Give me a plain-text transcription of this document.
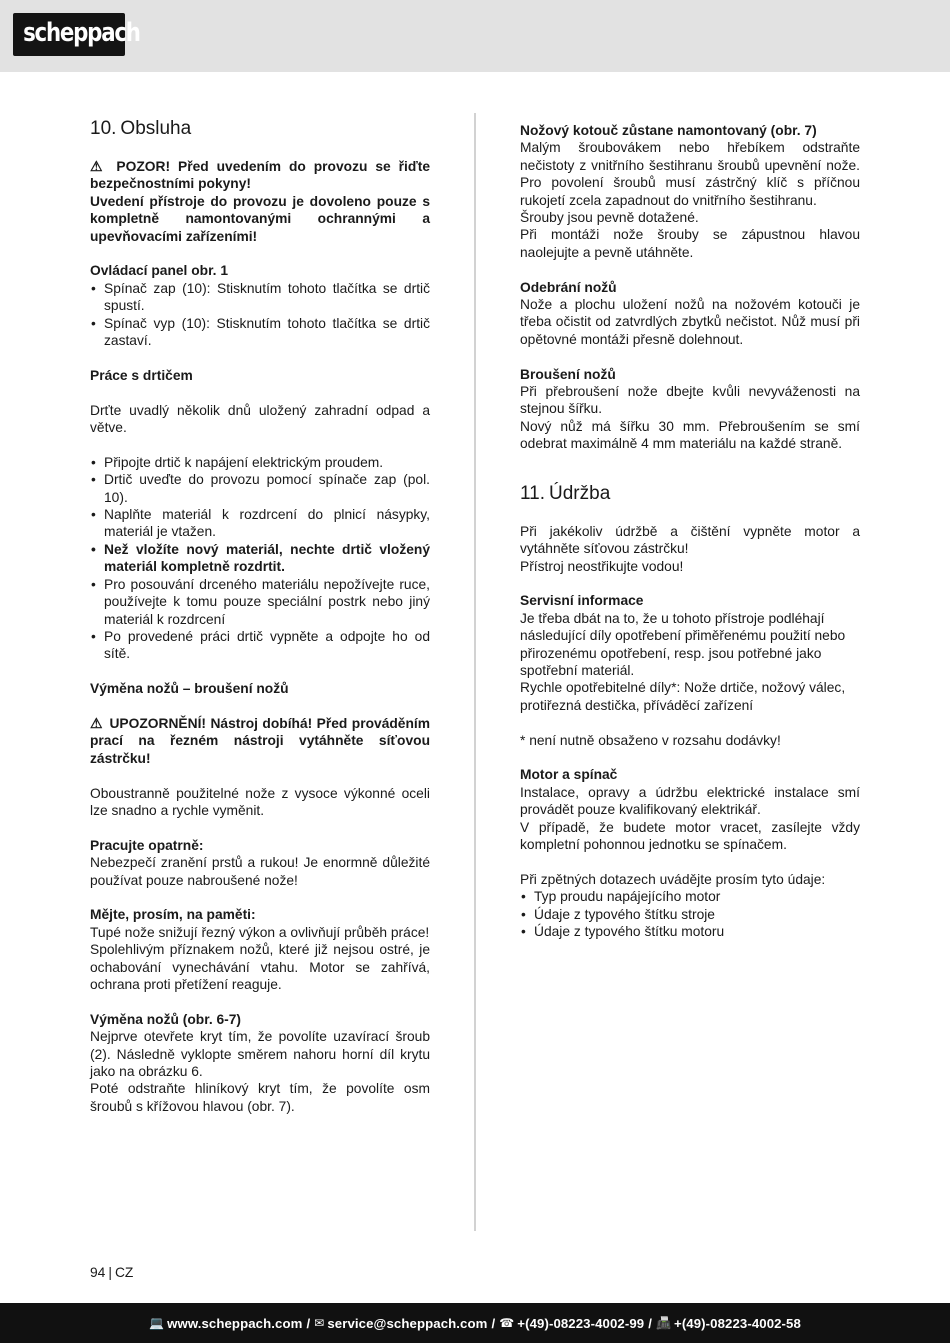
scheppach
10. Obsluha

⚠ POZOR! Před uvedením do provozu se řiďte bezpečnostními pokyny!

Uvedení přístroje do provozu je dovoleno pouze s kompletně namontovanými ochrannými a upevňovacími zařízeními!

Ovládací panel obr. 1
• Spínač zap (10): Stisknutím tohoto tlačítka se drtič spustí.
• Spínač vyp (10): Stisknutím tohoto tlačítka se drtič zastaví.
Práce s drtičem

Drťte uvadlý několik dnů uložený zahradní odpad a větve.

• Připojte drtič k napájení elektrickým proudem.
• Drtič uveďte do provozu pomocí spínače zap (pol. 10).
• Naplňte materiál k rozdrcení do plnicí násypky, materiál je vtažen.
• Než vložíte nový materiál, nechte drtič vložený materiál kompletně rozdrtit.
• Pro posouvání drceného materiálu nepožívejte ruce, používejte k tomu pouze speciální postrk nebo jiný materiál k rozdrcení
• Po provedené práci drtič vypněte a odpojte ho od sítě.
Výměna nožů – broušení nožů

⚠ UPOZORNĚNÍ! Nástroj dobíhá! Před prováděním prací na řezném nástroji vytáhněte síťovou zástrčku!

Oboustranně použitelné nože z vysoce výkonné oceli lze snadno a rychle vyměnit.

Pracujte opatrně:

Nebezpečí zranění prstů a rukou! Je enormně důležité používat pouze nabroušené nože!

Mějte, prosím, na paměti:

Tupé nože snižují řezný výkon a ovlivňují průběh práce!

Spolehlivým příznakem nožů, které již nejsou ostré, je ochabování vynechávání vtahu. Motor se zahřívá, ochrana proti přetížení reaguje.

Výměna nožů (obr. 6-7)

Nejprve otevřete kryt tím, že povolíte uzavírací šroub (2). Následně vyklopte směrem nahoru horní díl krytu jako na obrázku 6.

Poté odstraňte hliníkový kryt tím, že povolíte osm šroubů s křížovou hlavou (obr. 7).

Nožový kotouč zůstane namontovaný (obr. 7)

Malým šroubovákem nebo hřebíkem odstraňte nečistoty z vnitřního šestihranu šroubů upevnění nože. Pro povolení šroubů musí zástrčný klíč s příčnou rukojetí zcela zapadnout do vnitřního šestihranu.

Šrouby jsou pevně dotažené.

Při montáži nože šrouby se zápustnou hlavou naolejujte a pevně utáhněte.

Odebrání nožů

Nože a plochu uložení nožů na nožovém kotouči je třeba očistit od zatvrdlých zbytků nečistot. Nůž musí při opětovné montáži přesně dolehnout.

Broušení nožů

Při přebroušení nože dbejte kvůli nevyváženosti na stejnou šířku.

Nový nůž má šířku 30 mm. Přebroušením se smí odebrat maximálně 4 mm materiálu na každé straně.

11. Údržba

Při jakékoliv údržbě a čištění vypněte motor a vytáhněte síťovou zástrčku!

Přístroj neostřikujte vodou!

Servisní informace

Je třeba dbát na to, že u tohoto přístroje podléhají následující díly opotřebení přiměřenému použití nebo přirozenému opotřebení, resp. jsou potřebné jako spotřební materiál.

Rychle opotřebitelné díly*: Nože drtiče, nožový válec, protiřezná destička, příváděcí zařízení

* není nutně obsaženo v rozsahu dodávky!

Motor a spínač

Instalace, opravy a údržbu elektrické instalace smí provádět pouze kvalifikovaný elektrikář.

V případě, že budete motor vracet, zasílejte vždy kompletní pohonnou jednotku se spínačem.

Při zpětných dotazech uvádějte prosím tyto údaje:

• Typ proudu napájejícího motor
• Údaje z typového štítku stroje
• Údaje z typového štítku motoru
94 | CZ
💻 www.scheppach.com / ✉ service@scheppach.com / ☎ +(49)-08223-4002-99 / 📠 +(49)-08223-4002-58
